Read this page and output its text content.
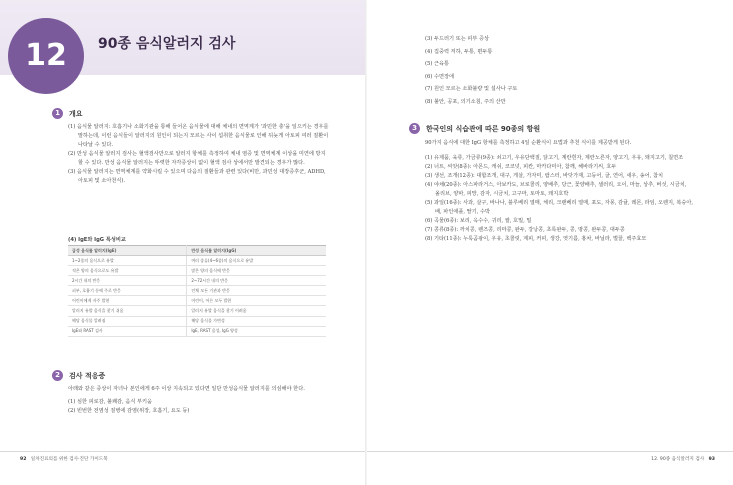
12	90종 음식알러지 검사
1	개요

(1) 음식물 알러지: 호흡기나 소화기관을 통해 들어온 음식물에 대해 체내의 면역계가 '과민한 충'을 일으키는 경우를 말하는데, 이런 음식들이 알러지의 원인이 되는지 모르는 사이 섭취한 음식물로 인해 뒤늦게 아토피 여러 질환이 나타날 수 있다.

(2) 만성 음식물 알러지 검사는 혈액검사만으로 알러지 항체를 측정하여 체내 염증 및 면역체계 이상을 미연에 방지할 수 있다. 만성 음식물 알러지는 뚜렷한 자각증상이 없이 혈액 검사 상에서만 발견되는 경우가 많다.

(3) 음식물 알러지는 면역체계를 약화시킬 수 있으며 다음의 질환들과 관련 있다(비만, 과민성 대장증후군, ADHD, 아토피 및 소아천식).

(4) IgE와 IgG 특성비교
급성 음식물 알러지(IgE)	만성 음식물 알러지(IgG)
1~2종의 음식으로 유발	여러 종류(4~6종)의 음식으로 유발
적은 양의 음식으로도 유발	많은 양의 음식에 반응
2시간 내의 반응	2~72시간 내의 반응
피부, 호흡기 등에 주로 반응	인체 모든 기관과 반응
어린이에게 자주 발현	어린이, 어른 모두 발현
알러지 유발 음식을 찾기 쉬움	알러지 유발 음식을 찾기 어려움
해당 음식물 알려짐	해당 음식물 가변성
IgE와 RAST 검사	IgE, RAST 음성, IgG 양성
2	검사 적응증

아래와 같은 증상이 자녀나 본인에게 6주 이상 지속되고 있다면 일단 만성음식물 알러지를 의심해야 한다.

(1) 심한 피로감, 불쾌감, 음식 부키움

(2) 빈번한 전염성 질병에 감염(위장, 호흡기, 요도 등)

92 일차진료의를 위한 검사·진단 가이드북

(3) 두드러기 또는 피부 증상

(4) 집중력 저하, 두통, 편두통

(5) 근육통

(6) 수면장애

(7) 원인 모르는 소화불량 및 설사나 구토

(8) 불안, 공포, 의기소침, 주의 산만

3	한국인의 식습관에 따른 90종의 항원

90가지 음식에 대한 IgG 항체를 측정하고 4일 순환식이 요법과 추천 식이를 제공받게 된다.

(1) 유제품, 육류, 가금류(9종): 쇠고기, 우유단백질, 닭고기, 계란흰자, 계란노른자, 양고기, 우유, 돼지고기, 칠면조

(2) 너트, 씨앗(8종): 아몬드, 캐쉬, 코코넛, 피칸, 마카다미아, 참깨, 해바라기씨, 호두

(3) 생선, 조개(12종): 대합조개, 대구, 게살, 가자미, 랍스터, 바닷가재, 고등어, 굴, 연어, 새우, 송어, 참치

(4) 야채(20종): 아스파라거스, 아보카도, 브로콜리, 양배추, 당근, 꽃양배추, 샐러리, 오이, 마늘, 상추, 버섯, 시금치, 올리브, 양파, 피망, 감자, 시금치, 고구마, 토마토, 돼지호박

(5) 과일(16종): 사과, 살구, 바나나, 블루베리 열매, 체리, 크랜베리 열매, 포도, 자몽, 감귤, 레몬, 라임, 오렌지, 복숭아, 배, 파인애플, 딸기, 수박

(6) 곡물(6종): 보리, 옥수수, 귀리, 쌀, 호밀, 밀

(7) 콩류(8종): 까치콩, 렌즈콩, 리마콩, 완두, 강낭콩, 초록완두, 콩, 땅콩, 완두콩, 대두콩

(8) 기타(11종): 누룩곰팡이, 우유, 초콜릿, 계피, 커피, 생강, 엿기름, 홍차, 바닐라, 벌꿀, 백주효모

12. 90종 음식알러지 검사 93
